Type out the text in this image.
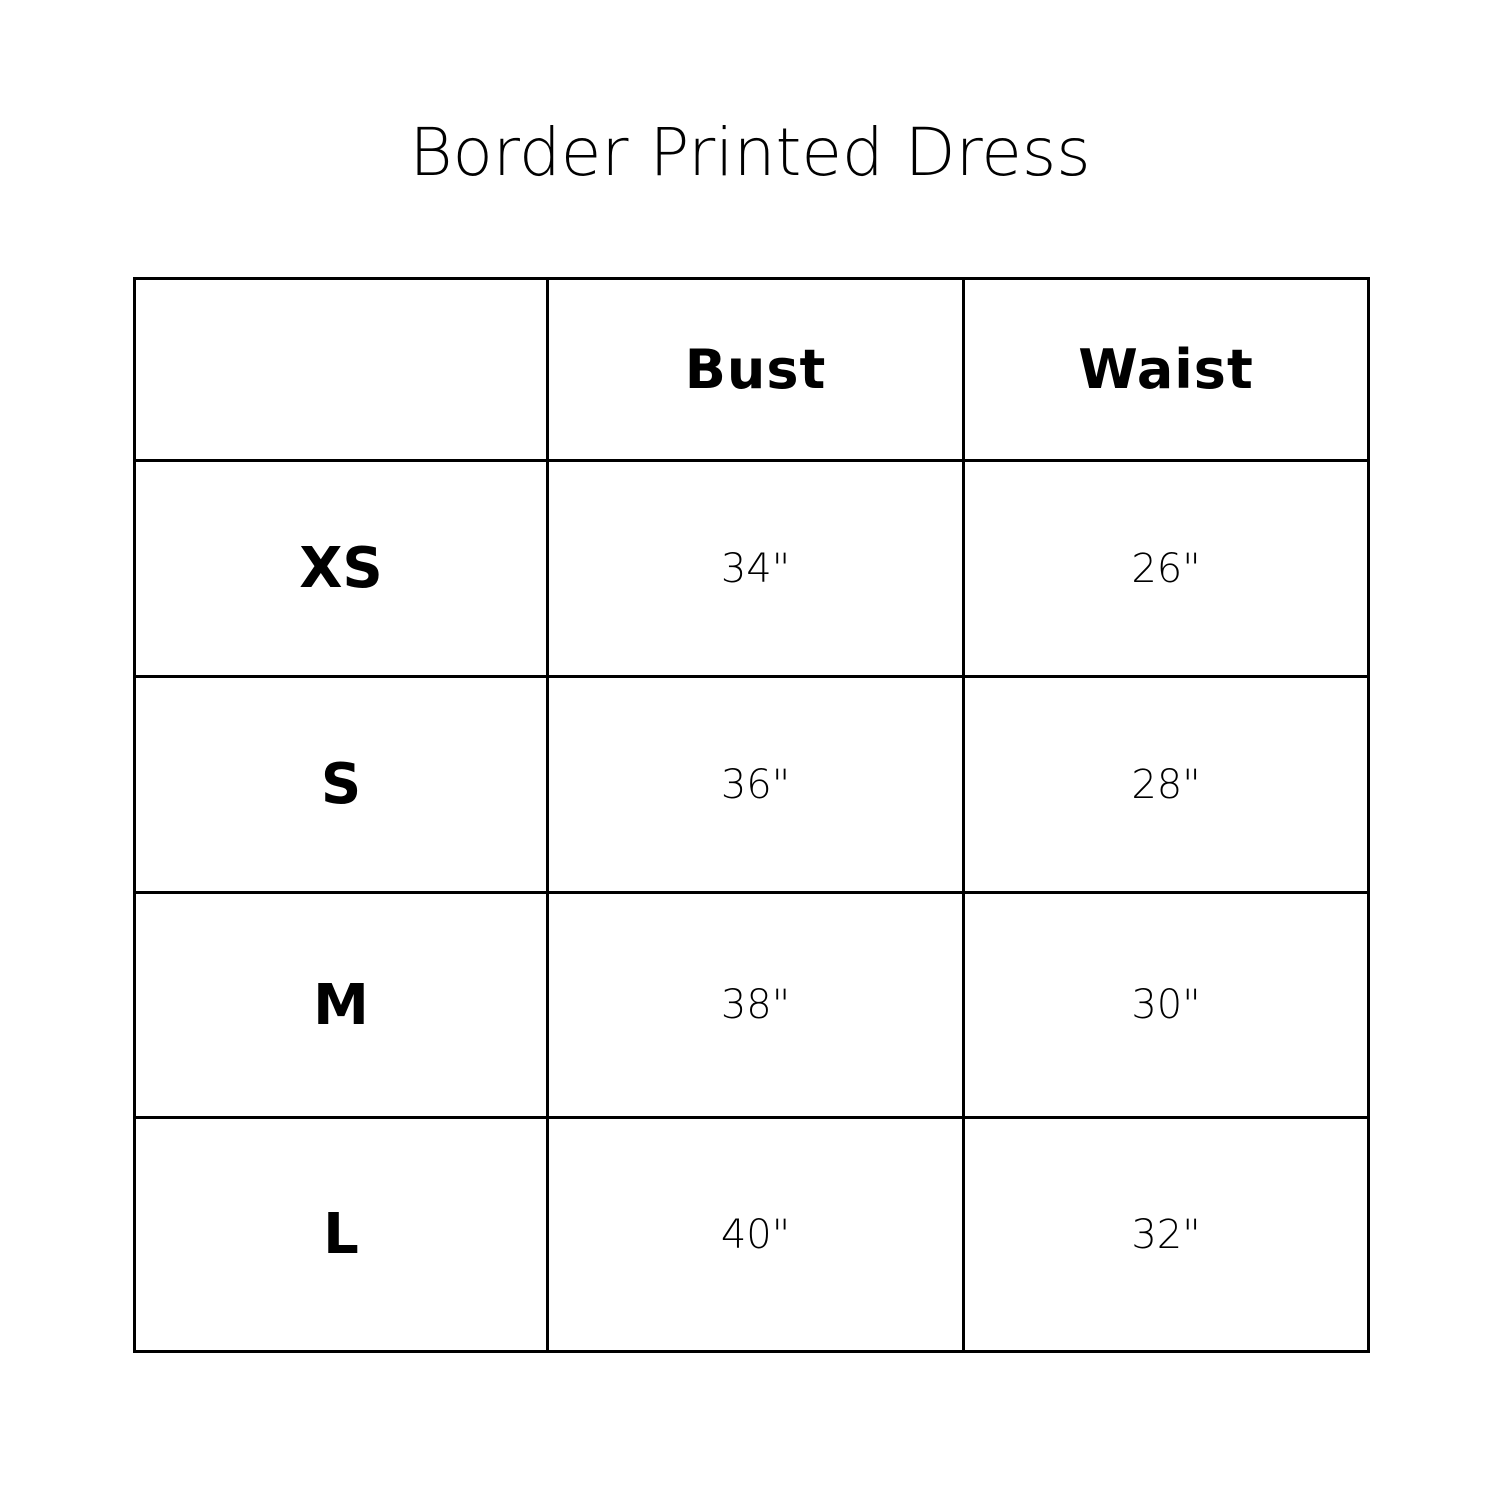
Border Printed Dress
	Bust	Waist
XS	34"	26"
S	36"	28"
M	38"	30"
L	40"	32"
